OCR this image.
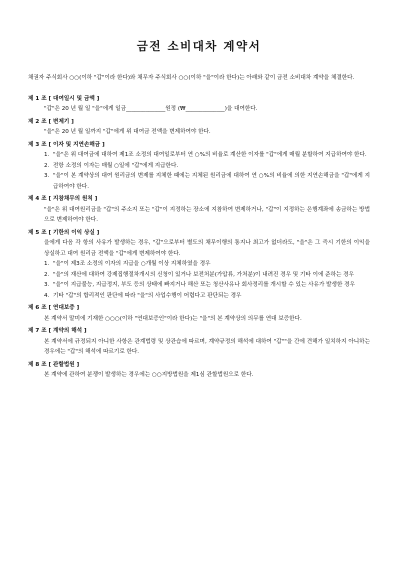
금전 소비대차 계약서
채권자 주식회사 ○○(이하 "갑"이라 한다)와 채무자 주식회사 ○○(이하 "을"이라 한다)는 아래와 같이 금전 소비대차 계약을 체결한다.
제 1 조 [ 대여일시 및 금액 ]
"갑"은 20 년 월 일 "을"에게 일금______________원정 (₩______________)을 대여한다.
제 2 조 [ 변제기 ]
"을"은 20 년 월 일까지 "갑"에게 위 대여금 전액을 변제하여야 한다.
제 3 조 [ 이자 및 지연손해금 ]
1. "을"은 위 대여금에 대하여 제1조 소정의 대여일로부터 연 ○%의 비율로 계산한 이자를 "갑"에게 매월 분할하여 지급하여야 한다.
2. 전항 소정의 이자는 매월 ○일에 "갑"에게 지급한다.
3. "을"이 본 계약상의 대여 원리금의 변제를 지체한 때에는 지체된 원리금에 대하여 연 ○%의 비율에 의한 지연손해금을 "갑"에게 지급하여야 한다.
제 4 조 [ 지참채무의 원칙 ]
"을"은 위 대여원리금을 "갑"의 주소지 또는 "갑"이 지정하는 장소에 지참하여 변제하거나, "갑"이 지정하는 은행계좌에 송금하는 방법으로 변제하여야 한다.
제 5 조 [ 기한의 이익 상실 ]
을에게 다음 각 항의 사유가 발생하는 경우, "갑"으로부터 별도의 채무이행의 통지나 최고가 없더라도, "을"은 그 즉시 기한의 이익을 상실하고 대여 원리금 전액을 "갑"에게 변제하여야 한다.
1. "을"이 제3조 소정의 이자의 지급을 ○개월 이상 지체하였을 경우
2. "을"의 재산에 대하여 강제집행절차개시의 신청이 있거나 보전처분(가압류, 가처분)이 내려진 경우 및 기타 이에 준하는 경우
3. "을"이 지급불능, 지급정지, 부도 등의 상태에 빠지거나 해산 또는 청산사유나 회사정리를 개시할 수 있는 사유가 발생한 경우
4. 기타 "갑"의 합리적인 판단에 따라 "을"의 사업수행이 어렵다고 판단되는 경우
제 6 조 [ 연대보증 ]
본 계약서 말미에 기재한 ○○○(이하 "연대보증인"이라 한다)는 "을"의 본 계약상의 의무를 연대 보증한다.
제 7 조 [ 계약의 해석 ]
본 계약서에 규정되지 아니한 사항은 관계법령 및 상관습에 따르며, 계약규정의 해석에 대하여 "갑""을 간에 견해가 일치하지 아니하는 경우에는 "갑"의 해석에 따르기로 한다.
제 8 조 [ 관할법원 ]
본 계약에 관하여 분쟁이 발생하는 경우에는 ○○지방법원을 제1심 관할법원으로 한다.
